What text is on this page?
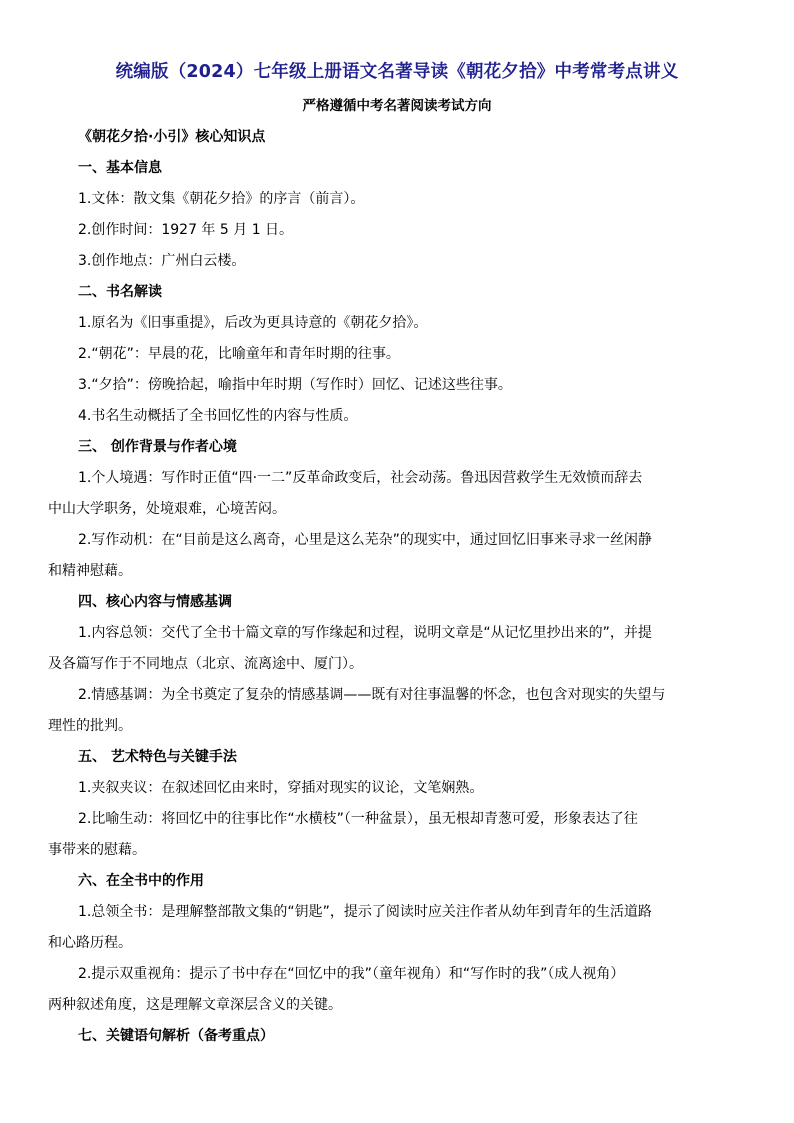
统编版（2024）七年级上册语文名著导读《朝花夕拾》中考常考点讲义
严格遵循中考名著阅读考试方向
《朝花夕拾·小引》核心知识点
一、基本信息
1.文体：散文集《朝花夕拾》的序言（前言）。
2.创作时间：1927 年 5 月 1 日。
3.创作地点：广州白云楼。
二、书名解读
1.原名为《旧事重提》，后改为更具诗意的《朝花夕拾》。
2.“朝花”：早晨的花，比喻童年和青年时期的往事。
3.“夕拾”：傍晚拾起，喻指中年时期（写作时）回忆、记述这些往事。
4.书名生动概括了全书回忆性的内容与性质。
三、 创作背景与作者心境
1.个人境遇：写作时正值“四·一二”反革命政变后，社会动荡。鲁迅因营救学生无效愤而辞去
中山大学职务，处境艰难，心境苦闷。
2.写作动机：在“目前是这么离奇，心里是这么芜杂”的现实中，通过回忆旧事来寻求一丝闲静
和精神慰藉。
四、核心内容与情感基调
1.内容总领：交代了全书十篇文章的写作缘起和过程，说明文章是“从记忆里抄出来的”，并提
及各篇写作于不同地点（北京、流离途中、厦门）。
2.情感基调：为全书奠定了复杂的情感基调——既有对往事温馨的怀念，也包含对现实的失望与
理性的批判。
五、 艺术特色与关键手法
1.夹叙夹议：在叙述回忆由来时，穿插对现实的议论，文笔娴熟。
2.比喻生动：将回忆中的往事比作“水横枝”（一种盆景），虽无根却青葱可爱，形象表达了往
事带来的慰藉。
六、在全书中的作用
1.总领全书：是理解整部散文集的“钥匙”，提示了阅读时应关注作者从幼年到青年的生活道路
和心路历程。
2.提示双重视角：提示了书中存在“回忆中的我”（童年视角）和“写作时的我”（成人视角）
两种叙述角度，这是理解文章深层含义的关键。
七、关键语句解析（备考重点）
